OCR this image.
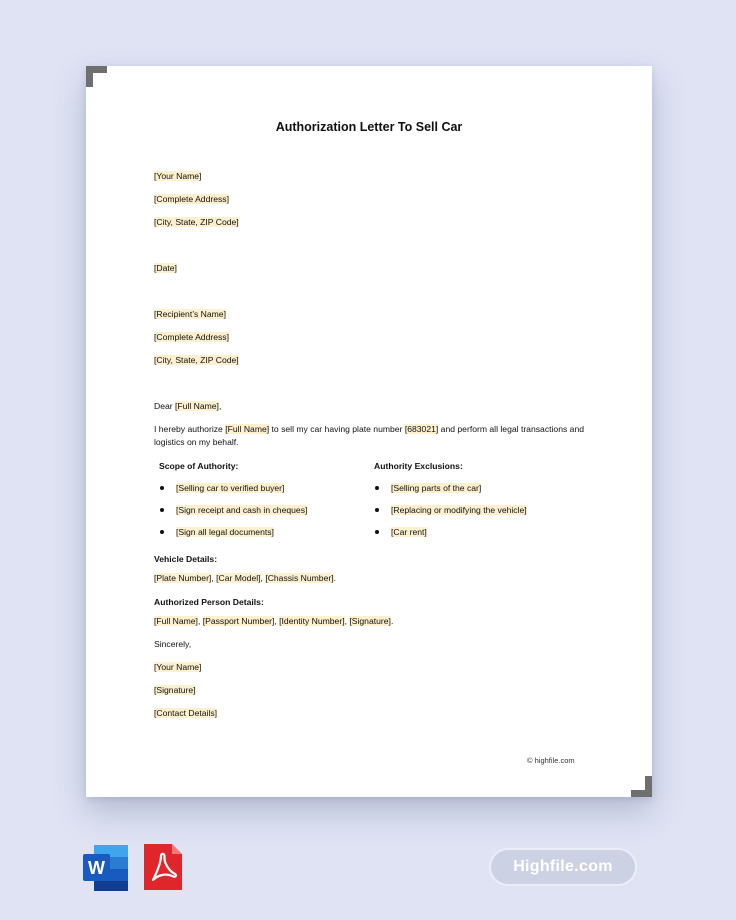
Authorization Letter To Sell Car
[Your Name]
[Complete Address]
[City, State, ZIP Code]
[Date]
[Recipient’s Name]
[Complete Address]
[City, State, ZIP Code]
Dear [Full Name],
I hereby authorize [Full Name] to sell my car having plate number [683021] and perform all legal transactions and logistics on my behalf.
Scope of Authority:	Authority Exclusions:
[Selling car to verified buyer]
[Sign receipt and cash in cheques]
[Sign all legal documents]
[Selling parts of the car]
[Replacing or modifying the vehicle]
[Car rent]
Vehicle Details:
[Plate Number], [Car Model], [Chassis Number].
Authorized Person Details:
[Full Name], [Passport Number], [Identity Number], [Signature].
Sincerely,
[Your Name]
[Signature]
[Contact Details]
© highfile.com
W	Highfile.com
